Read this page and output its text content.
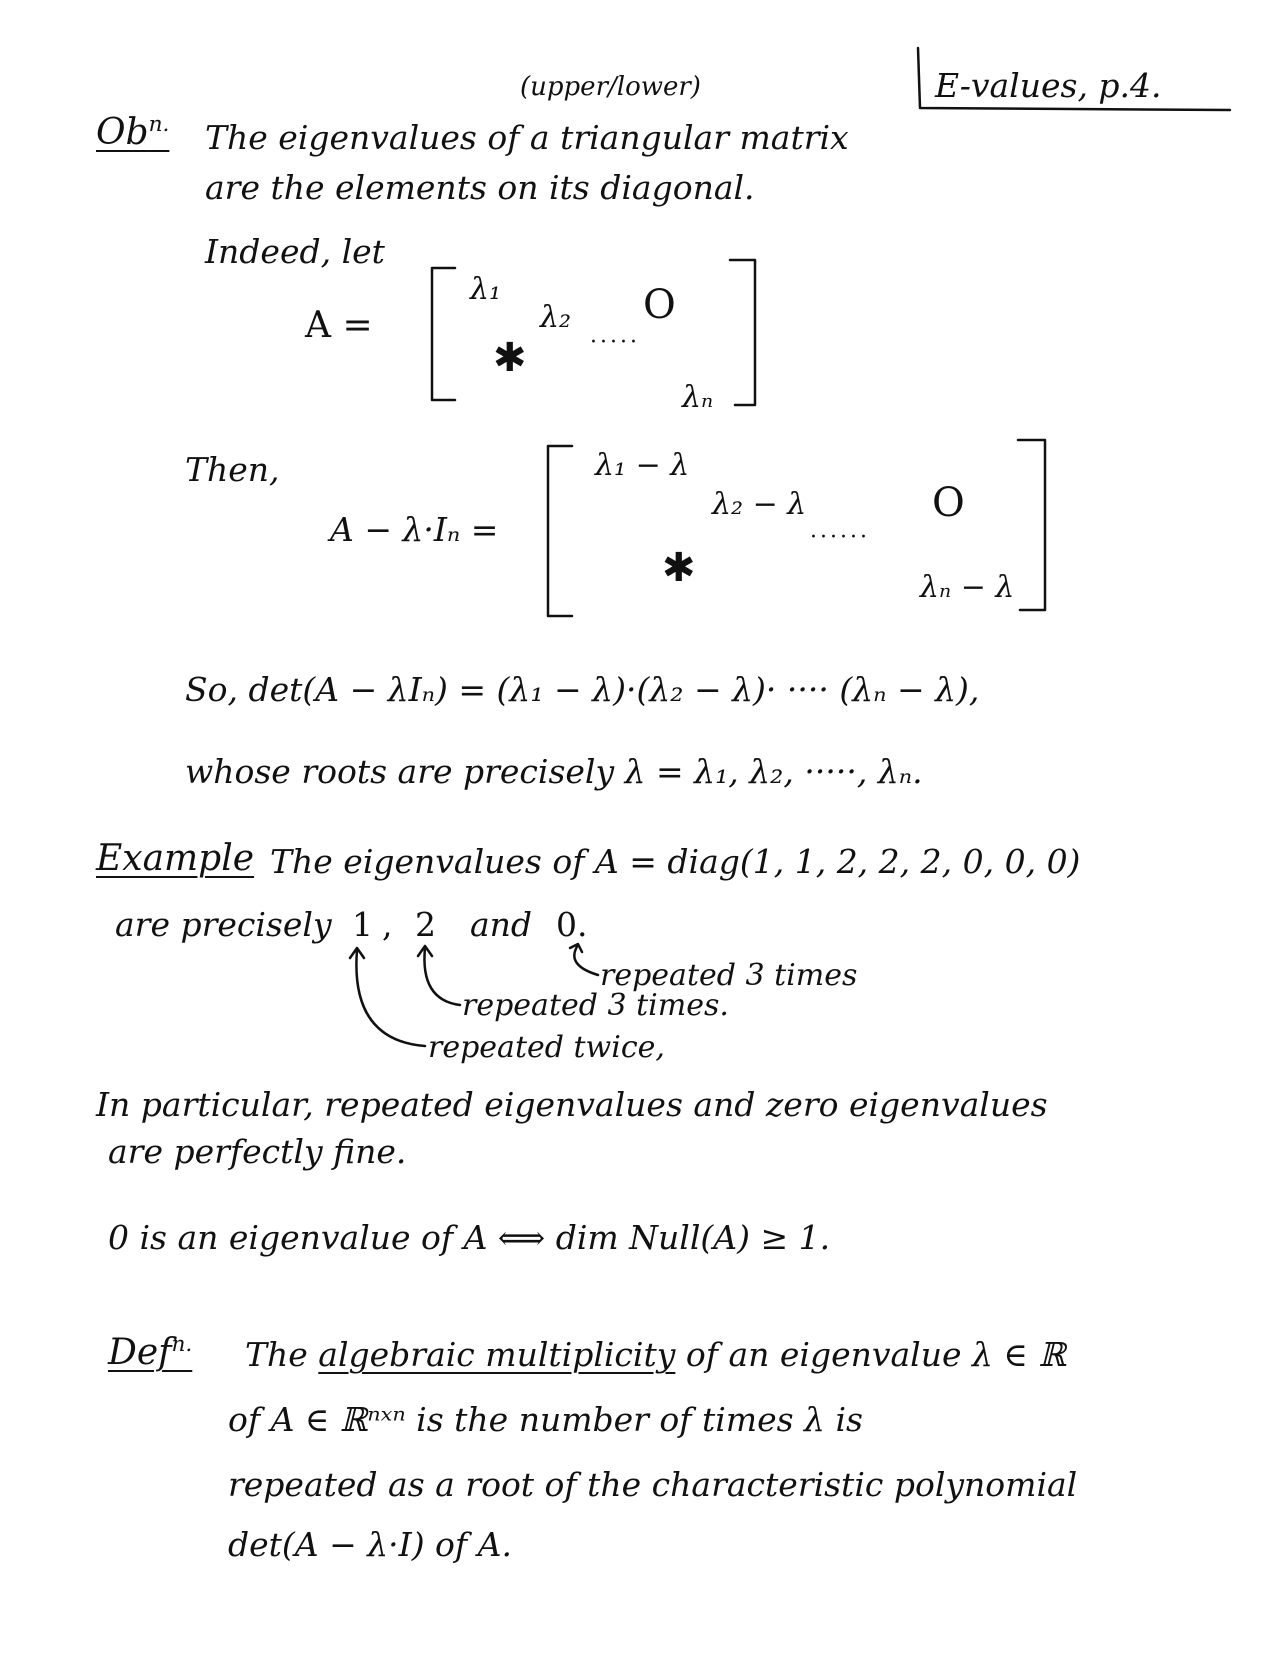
E-values, p.4.
(upper/lower)
$Ob^{n.}$ The eigenvalues of a triangular matrix
are the elements on its diagonal.
Indeed, let
A =
λ₁
λ₂
·····
λₙ
O
✱
Then,
A − λ·Iₙ =
λ₁ − λ
λ₂ − λ
······
λₙ − λ
O
✱
So, det(A − λIₙ) = (λ₁ − λ)·(λ₂ − λ)· ···· (λₙ − λ),
whose roots are precisely λ = λ₁, λ₂, ·····, λₙ.
Example The eigenvalues of A = diag(1, 1, 2, 2, 2, 0, 0, 0)
are precisely 1 , 2 and 0.
repeated 3 times
repeated 3 times.
repeated twice,
In particular, repeated eigenvalues and zero eigenvalues
are perfectly fine.
0 is an eigenvalue of A ⟺ dim Null(A) ≥ 1.
Def$^{n.}$ The algebraic multiplicity of an eigenvalue λ ∈ ℝ
of A ∈ ℝⁿˣⁿ is the number of times λ is
repeated as a root of the characteristic polynomial
det(A − λ·I) of A.
